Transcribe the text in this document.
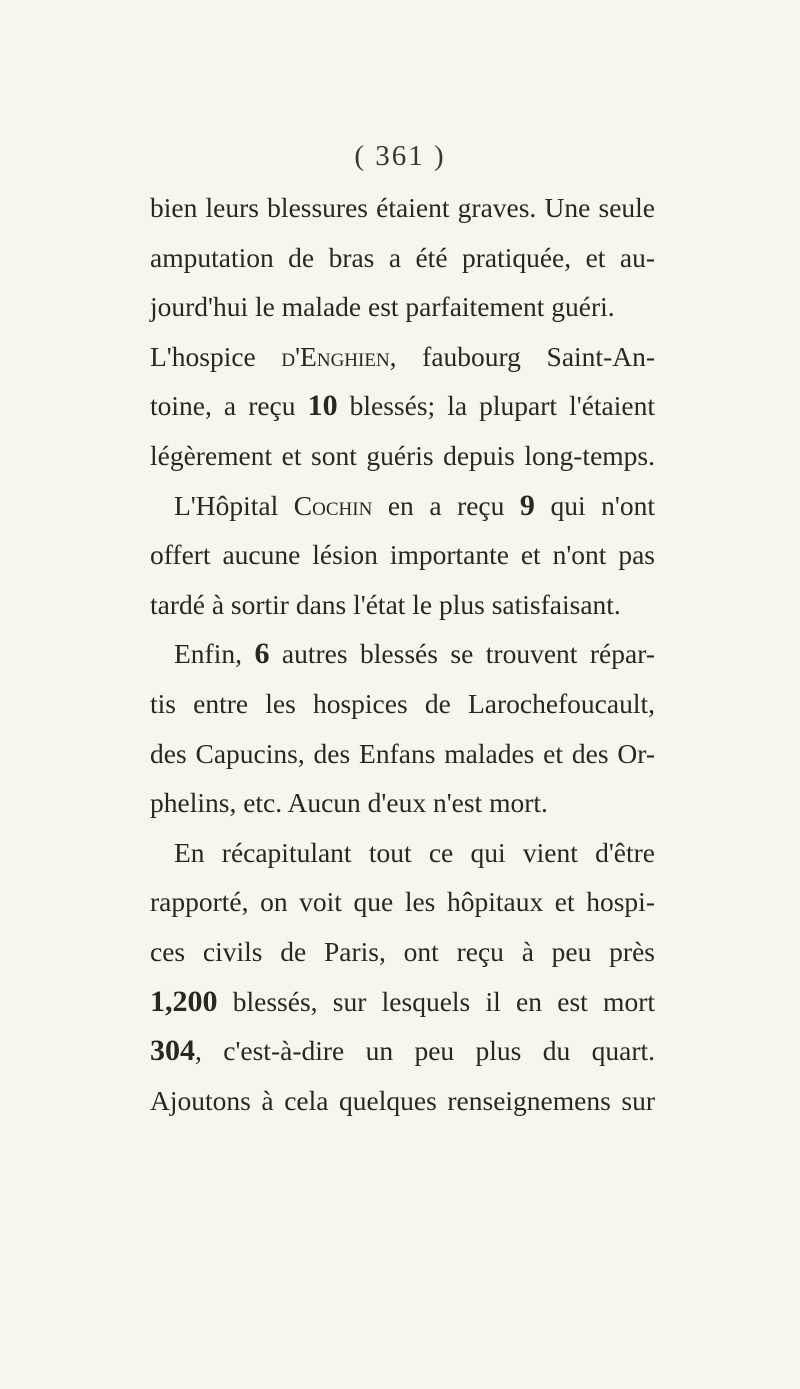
( 361 )
bien leurs blessures étaient graves. Une seule
amputation de bras a été pratiquée, et au-
jourd'hui le malade est parfaitement guéri.
L'hospice d'Enghien, faubourg Saint-An-
toine, a reçu 10 blessés; la plupart l'étaient
légèrement et sont guéris depuis long-temps.
L'Hôpital Cochin en a reçu 9 qui n'ont
offert aucune lésion importante et n'ont pas
tardé à sortir dans l'état le plus satisfaisant.
Enfin, 6 autres blessés se trouvent répar-
tis entre les hospices de Larochefoucault,
des Capucins, des Enfans malades et des Or-
phelins, etc. Aucun d'eux n'est mort.
En récapitulant tout ce qui vient d'être
rapporté, on voit que les hôpitaux et hospi-
ces civils de Paris, ont reçu à peu près
1,200 blessés, sur lesquels il en est mort
304, c'est-à-dire un peu plus du quart.
Ajoutons à cela quelques renseignemens sur
